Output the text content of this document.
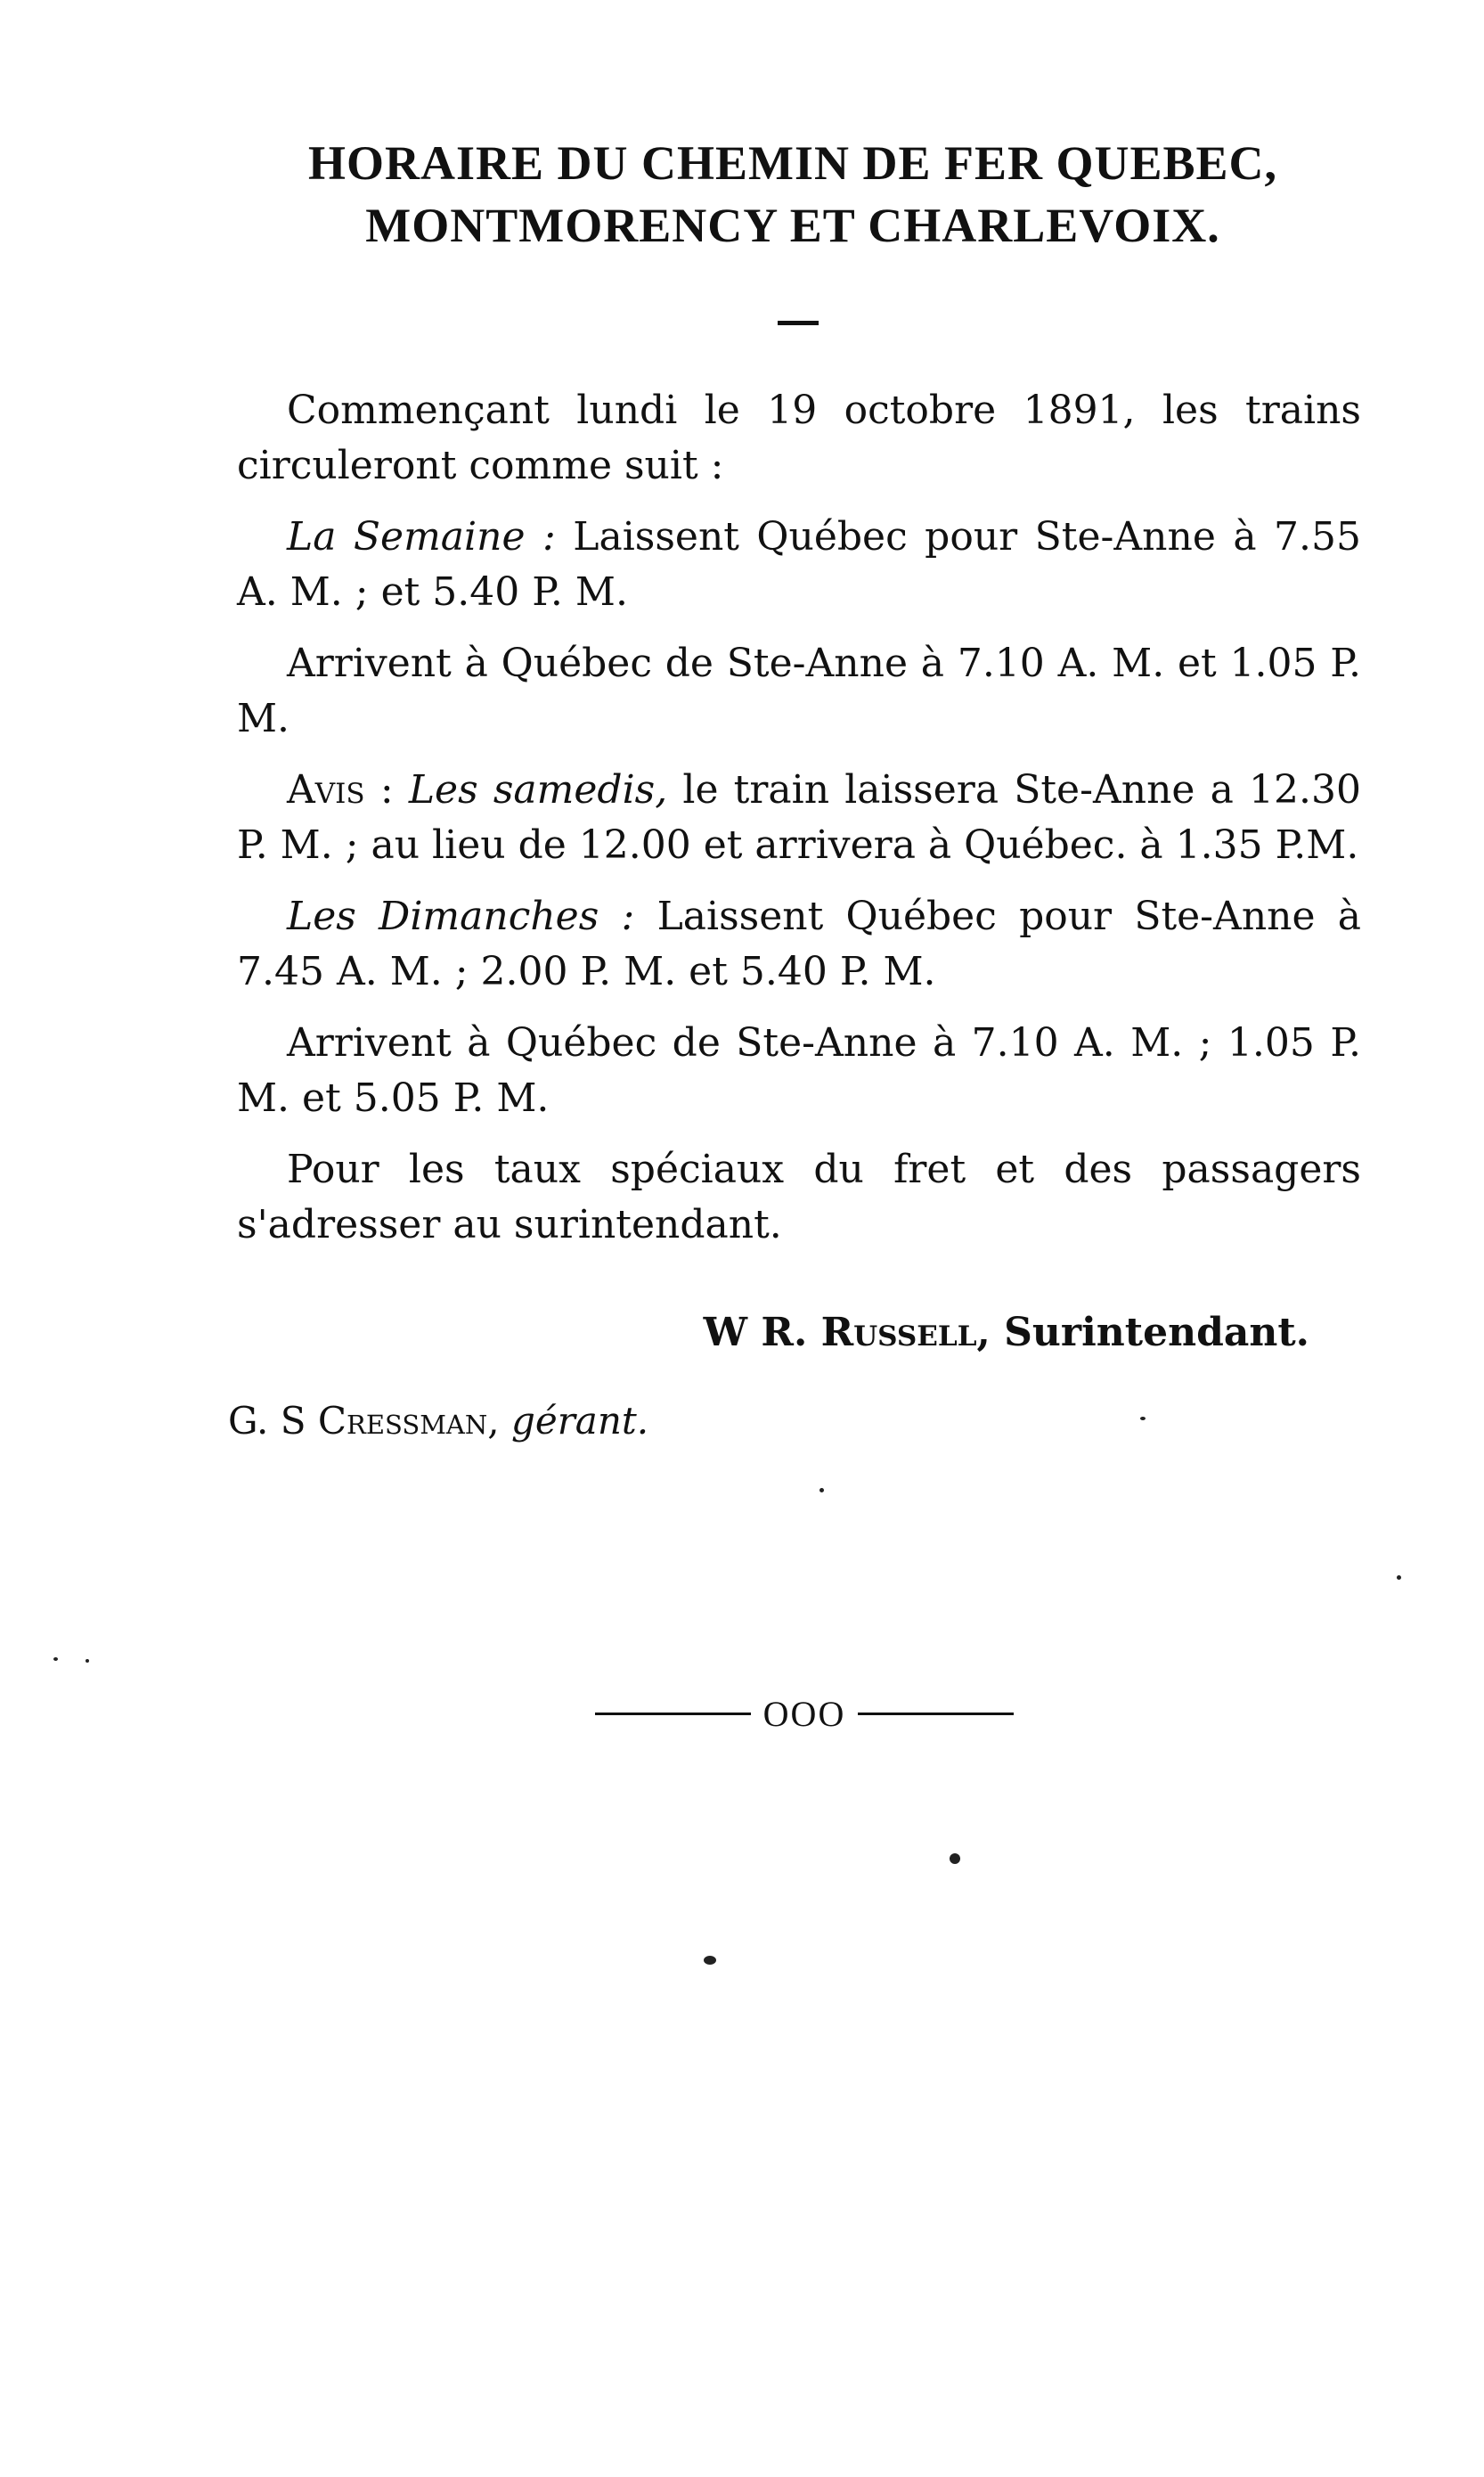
HORAIRE DU CHEMIN DE FER QUEBEC,
MONTMORENCY ET CHARLEVOIX.

Commençant lundi le 19 octobre 1891, les trains circuleront comme suit :

La Semaine : Laissent Québec pour Ste-Anne à 7.55 A. M. ; et 5.40 P. M.

Arrivent à Québec de Ste-Anne à 7.10 A. M. et 1.05 P. M.

Avis : Les samedis, le train laissera Ste-Anne a 12.30 P. M. ; au lieu de 12.00 et arrivera à Québec. à 1.35 P.M.

Les Dimanches : Laissent Québec pour Ste-Anne à 7.45 A. M. ; 2.00 P. M. et 5.40 P. M.

Arrivent à Québec de Ste-Anne à 7.10 A. M. ; 1.05 P. M. et 5.05 P. M.

Pour les taux spéciaux du fret et des passagers s'adresser au surintendant.

W R. Russell, Surintendant.
G. S Cressman, gérant.
OOO
